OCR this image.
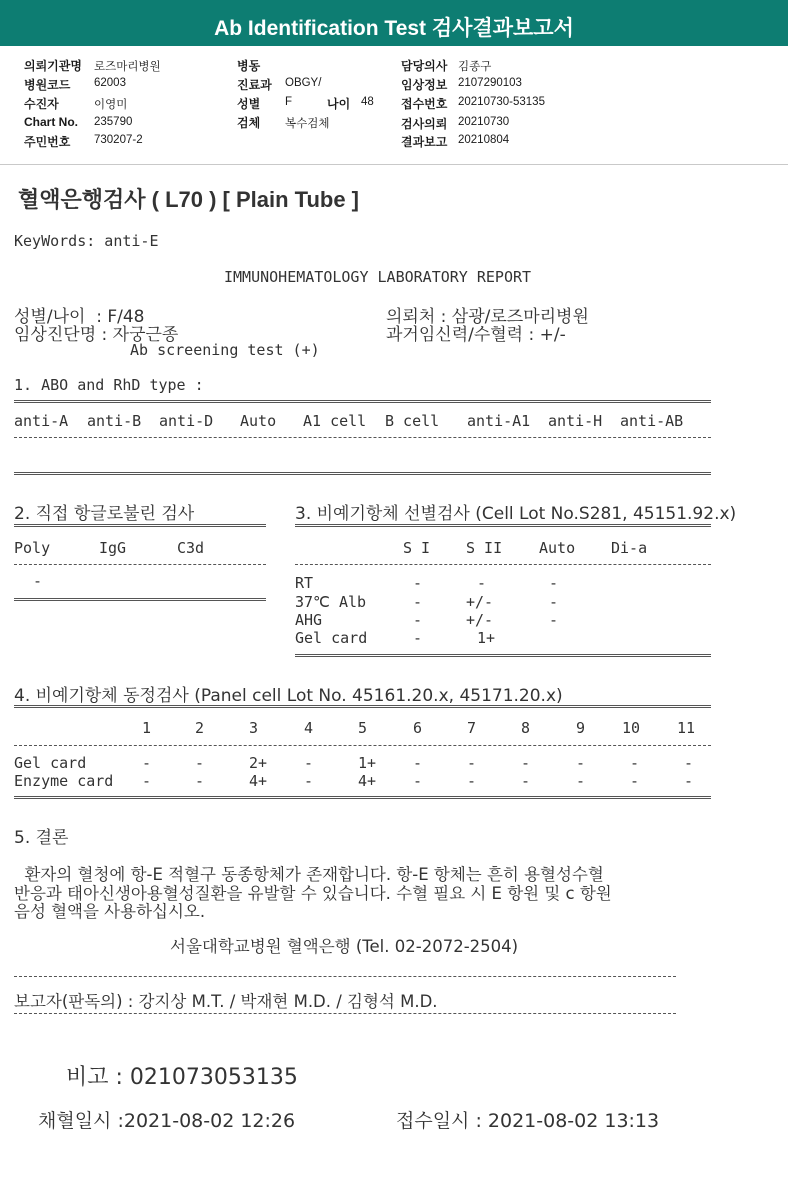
Ab Identification Test 검사결과보고서
의뢰기관명 로즈마리병원
병원코드 62003
수진자	이영미
Chart No. 235790
주민번호 730207-2
병동
진료과 OBGY/
성별 F	나이 48
검체 복수검체
담당의사 김종구
임상정보 2107290103
접수번호 20210730-53135
검사의뢰 20210730
결과보고 20210804
혈액은행검사 ( L70 ) [ Plain Tube ]
KeyWords: anti-E
IMMUNOHEMATOLOGY LABORATORY REPORT
성별/나이  : F/48
임상진단명 : 자궁근종
Ab screening test (+)
의뢰처 : 삼광/로즈마리병원
과거임신력/수혈력 : +/-
1. ABO and RhD type :
anti-A anti-B anti-D Auto A1 cell B cell anti-A1 anti-H anti-AB
2. 직접 항글로불린 검사
Poly	IgG	C3d
-
3. 비예기항체 선별검사 (Cell Lot No.S281, 45151.92.x)
S I S II Auto Di-a
RT	-	-	-
37℃ Alb	-	+/-	-
AHG	-	+/-	-
Gel card	-	1+
4. 비예기항체 동정검사 (Panel cell Lot No. 45161.20.x, 45171.20.x)
1	2	3	4	5	6	7	8	9 10 11
Gel card	-	-	2+ -	1+ -	-	-	-	-	-
Enzyme card -	-	4+ -	4+ -	-	-	-	-	-
5. 결론
환자의 혈청에 항-E 적혈구 동종항체가 존재합니다. 항-E 항체는 흔히 용혈성수혈
반응과 태아신생아용혈성질환을 유발할 수 있습니다. 수혈 필요 시 E 항원 및 c 항원
음성 혈액을 사용하십시오.
서울대학교병원 혈액은행 (Tel. 02-2072-2504)
보고자(판독의) : 강지상 M.T. / 박재현 M.D. / 김형석 M.D.
비고 : 021073053135
채혈일시 :2021-08-02 12:26	접수일시 : 2021-08-02 13:13
